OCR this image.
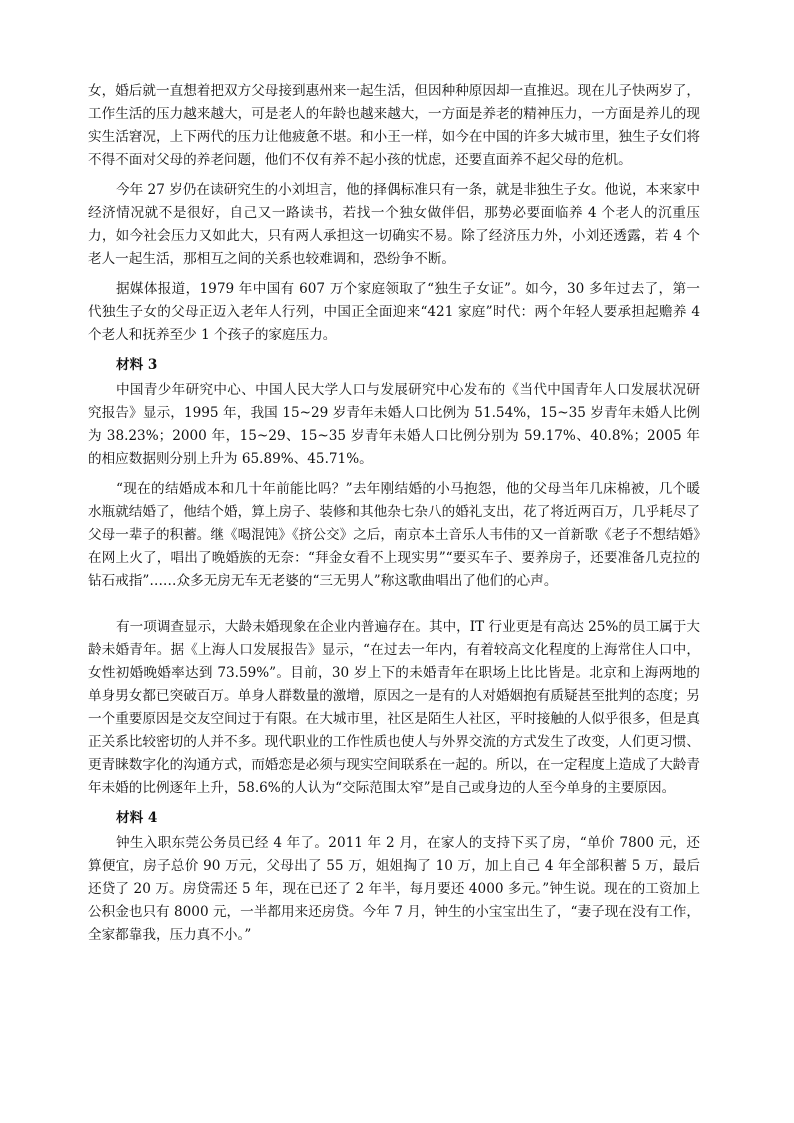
女，婚后就一直想着把双方父母接到惠州来一起生活，但因种种原因却一直推迟。现在儿子快两岁了，工作生活的压力越来越大，可是老人的年龄也越来越大，一方面是养老的精神压力，一方面是养儿的现实生活窘况，上下两代的压力让他疲惫不堪。和小王一样，如今在中国的许多大城市里，独生子女们将不得不面对父母的养老问题，他们不仅有养不起小孩的忧虑，还要直面养不起父母的危机。

今年 27 岁仍在读研究生的小刘坦言，他的择偶标准只有一条，就是非独生子女。他说，本来家中经济情况就不是很好，自己又一路读书，若找一个独女做伴侣，那势必要面临养 4 个老人的沉重压力，如今社会压力又如此大，只有两人承担这一切确实不易。除了经济压力外，小刘还透露，若 4 个老人一起生活，那相互之间的关系也较难调和，恐纷争不断。

据媒体报道，1979 年中国有 607 万个家庭领取了“独生子女证”。如今，30 多年过去了，第一代独生子女的父母正迈入老年人行列，中国正全面迎来“421 家庭”时代：两个年轻人要承担起赡养 4 个老人和抚养至少 1 个孩子的家庭压力。

材料 3

中国青少年研究中心、中国人民大学人口与发展研究中心发布的《当代中国青年人口发展状况研究报告》显示，1995 年，我国 15~29 岁青年未婚人口比例为 51.54%，15~35 岁青年未婚人比例为 38.23%；2000 年，15~29、15~35 岁青年未婚人口比例分别为 59.17%、40.8%；2005 年的相应数据则分别上升为 65.89%、45.71%。

“现在的结婚成本和几十年前能比吗？”去年刚结婚的小马抱怨，他的父母当年几床棉被，几个暖水瓶就结婚了，他结个婚，算上房子、装修和其他杂七杂八的婚礼支出，花了将近两百万，几乎耗尽了父母一辈子的积蓄。继《喝混饨》《挤公交》之后，南京本土音乐人韦伟的又一首新歌《老子不想结婚》在网上火了，唱出了晚婚族的无奈：“拜金女看不上现实男”“要买车子、要养房子，还要准备几克拉的钻石戒指”……众多无房无车无老婆的“三无男人”称这歌曲唱出了他们的心声。

有一项调查显示，大龄未婚现象在企业内普遍存在。其中，IT 行业更是有高达 25%的员工属于大龄未婚青年。据《上海人口发展报告》显示，“在过去一年内，有着较高文化程度的上海常住人口中，女性初婚晚婚率达到 73.59%”。目前，30 岁上下的未婚青年在职场上比比皆是。北京和上海两地的单身男女都已突破百万。单身人群数量的激增，原因之一是有的人对婚姻抱有质疑甚至批判的态度；另一个重要原因是交友空间过于有限。在大城市里，社区是陌生人社区，平时接触的人似乎很多，但是真正关系比较密切的人并不多。现代职业的工作性质也使人与外界交流的方式发生了改变，人们更习惯、更青睐数字化的沟通方式，而婚恋是必须与现实空间联系在一起的。所以，在一定程度上造成了大龄青年未婚的比例逐年上升，58.6%的人认为“交际范围太窄”是自己或身边的人至今单身的主要原因。

材料 4

钟生入职东莞公务员已经 4 年了。2011 年 2 月，在家人的支持下买了房，“单价 7800 元，还算便宜，房子总价 90 万元，父母出了 55 万，姐姐掏了 10 万，加上自己 4 年全部积蓄 5 万，最后还贷了 20 万。房贷需还 5 年，现在已还了 2 年半，每月要还 4000 多元。”钟生说。现在的工资加上公积金也只有 8000 元，一半都用来还房贷。今年 7 月，钟生的小宝宝出生了，“妻子现在没有工作，全家都靠我，压力真不小。”
